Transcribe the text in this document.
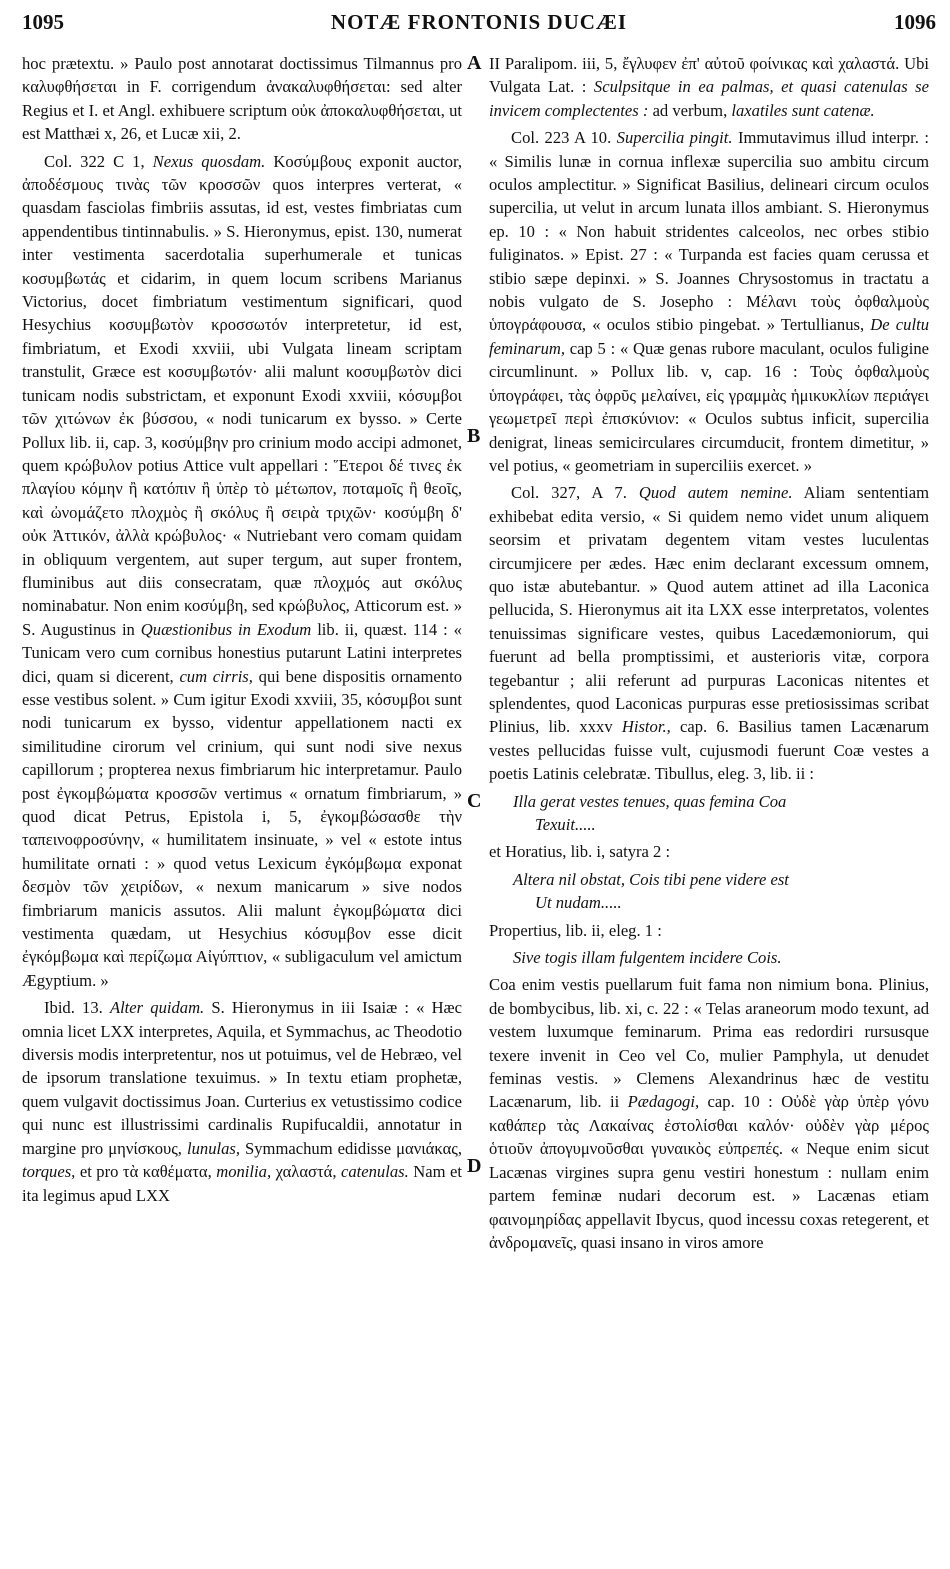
1095	NOTÆ FRONTONIS DUCÆI	1096
A
B
C
D

hoc prætextu. » Paulo post annotarat doctissimus Tilmannus pro καλυφθήσεται in F. corrigendum ἀνακαλυφθήσεται: sed alter Regius et I. et Angl. exhibuere scriptum οὐκ ἀποκαλυφθήσεται, ut est Matthæi x, 26, et Lucæ xii, 2.

Col. 322 C 1, Nexus quosdam. Κοσύμβους exponit auctor, ἀποδέσμους τινὰς τῶν κροσσῶν quos interpres verterat, « quasdam fasciolas fimbriis assutas, id est, vestes fimbriatas cum appendentibus tintinnabulis. » S. Hieronymus, epist. 130, numerat inter vestimenta sacerdotalia superhumerale et tunicas κοσυμβωτάς et cidarim, in quem locum scribens Marianus Victorius, docet fimbriatum vestimentum significari, quod Hesychius κοσυμβωτὸν κροσσωτόν interpretetur, id est, fimbriatum, et Exodi xxviii, ubi Vulgata lineam scriptam transtulit, Græce est κοσυμβωτόν· alii malunt κοσυμβωτὸν dici tunicam nodis substrictam, et exponunt Exodi xxviii, κόσυμβοι τῶν χιτώνων ἐκ βύσσου, « nodi tunicarum ex bysso. » Certe Pollux lib. ii, cap. 3, κοσύμβην pro crinium modo accipi admonet, quem κρώβυλον potius Attice vult appellari : Ἕτεροι δέ τινες ἐκ πλαγίου κόμην ἢ κατόπιν ἢ ὑπὲρ τὸ μέτωπον, ποταμοῖς ἢ θεοῖς, καὶ ὠνομάζετο πλοχμὸς ἢ σκόλυς ἢ σειρὰ τριχῶν· κοσύμβη δ' οὐκ Ἀττικόν, ἀλλὰ κρώβυλος· « Nutriebant vero comam quidam in obliquum vergentem, aut super tergum, aut super frontem, fluminibus aut diis consecratam, quæ πλοχμός aut σκόλυς nominabatur. Non enim κοσύμβη, sed κρώβυλος, Atticorum est. » S. Augustinus in Quæstionibus in Exodum lib. ii, quæst. 114 : « Tunicam vero cum cornibus honestius putarunt Latini interpretes dici, quam si dicerent, cum cirris, qui bene dispositis ornamento esse vestibus solent. » Cum igitur Exodi xxviii, 35, κόσυμβοι sunt nodi tunicarum ex bysso, videntur appellationem nacti ex similitudine cirorum vel crinium, qui sunt nodi sive nexus capillorum ; propterea nexus fimbriarum hic interpretamur. Paulo post ἐγκομβώματα κροσσῶν vertimus « ornatum fimbriarum, » quod dicat Petrus, Epistola i, 5, ἐγκομβώσασθε τὴν ταπεινοφροσύνην, « humilitatem insinuate, » vel « estote intus humilitate ornati : » quod vetus Lexicum ἐγκόμβωμα exponat δεσμὸν τῶν χειρίδων, « nexum manicarum » sive nodos fimbriarum manicis assutos. Alii malunt ἐγκομβώματα dici vestimenta quædam, ut Hesychius κόσυμβον esse dicit ἐγκόμβωμα καὶ περίζωμα Αἰγύπτιον, « subligaculum vel amictum Ægyptium. »

Ibid. 13. Alter quidam. S. Hieronymus in iii Isaiæ : « Hæc omnia licet LXX interpretes, Aquila, et Symmachus, ac Theodotio diversis modis interpretentur, nos ut potuimus, vel de Hebræo, vel de ipsorum translatione texuimus. » In textu etiam prophetæ, quem vulgavit doctissimus Joan. Curterius ex vetustissimo codice qui nunc est illustrissimi cardinalis Rupifucaldii, annotatur in margine pro μηνίσκους, lunulas, Symmachum edidisse μανιάκας, torques, et pro τὰ καθέματα, monilia, χαλαστά, catenulas. Nam et ita legimus apud LXX

II Paralipom. iii, 5, ἔγλυφεν ἐπ' αὐτοῦ φοίνικας καὶ χαλαστά. Ubi Vulgata Lat. : Sculpsitque in ea palmas, et quasi catenulas se invicem complectentes : ad verbum, laxatiles sunt catenæ.

Col. 223 A 10. Supercilia pingit. Immutavimus illud interpr. : « Similis lunæ in cornua inflexæ supercilia suo ambitu circum oculos amplectitur. » Significat Basilius, delineari circum oculos supercilia, ut velut in arcum lunata illos ambiant. S. Hieronymus ep. 10 : « Non habuit stridentes calceolos, nec orbes stibio fuliginatos. » Epist. 27 : « Turpanda est facies quam cerussa et stibio sæpe depinxi. » S. Joannes Chrysostomus in tractatu a nobis vulgato de S. Josepho : Μέλανι τοὺς ὀφθαλμοὺς ὑπογράφουσα, « oculos stibio pingebat. » Tertullianus, De cultu feminarum, cap 5 : « Quæ genas rubore maculant, oculos fuligine circumlinunt. » Pollux lib. v, cap. 16 : Τοὺς ὀφθαλμοὺς ὑπογράφει, τὰς ὀφρῦς μελαίνει, εἰς γραμμὰς ἡμικυκλίων περιάγει γεωμετρεῖ περὶ ἐπισκύνιον: « Oculos subtus inficit, supercilia denigrat, lineas semicirculares circumducit, frontem dimetitur, » vel potius, « geometriam in superciliis exercet. »

Col. 327, A 7. Quod autem nemine. Aliam sententiam exhibebat edita versio, « Si quidem nemo videt unum aliquem seorsim et privatam degentem vitam vestes luculentas circumjicere per ædes. Hæc enim declarant excessum omnem, quo istæ abutebantur. » Quod autem attinet ad illa Laconica pellucida, S. Hieronymus ait ita LXX esse interpretatos, volentes tenuissimas significare vestes, quibus Lacedæmoniorum, qui fuerunt ad bella promptissimi, et austerioris vitæ, corpora tegebantur ; alii referunt ad purpuras Laconicas nitentes et splendentes, quod Laconicas purpuras esse pretiosissimas scribat Plinius, lib. xxxv Histor., cap. 6. Basilius tamen Lacænarum vestes pellucidas fuisse vult, cujusmodi fuerunt Coæ vestes a poetis Latinis celebratæ. Tibullus, eleg. 3, lib. ii :

Illa gerat vestes tenues, quas femina Coa
Texuit.....

et Horatius, lib. i, satyra 2 :

Altera nil obstat, Cois tibi pene videre est
Ut nudam.....

Propertius, lib. ii, eleg. 1 :

Sive togis illam fulgentem incidere Cois.

Coa enim vestis puellarum fuit fama non nimium bona. Plinius, de bombycibus, lib. xi, c. 22 : « Telas araneorum modo texunt, ad vestem luxumque feminarum. Prima eas redordiri rursusque texere invenit in Ceo vel Co, mulier Pamphyla, ut denudet feminas vestis. » Clemens Alexandrinus hæc de vestitu Lacænarum, lib. ii Pædagogi, cap. 10 : Οὐδὲ γὰρ ὑπὲρ γόνυ καθάπερ τὰς Λακαίνας ἐστολίσθαι καλόν· οὐδὲν γὰρ μέρος ὁτιοῦν ἀπογυμνοῦσθαι γυναικὸς εὐπρεπές. « Neque enim sicut Lacænas virgines supra genu vestiri honestum : nullam enim partem feminæ nudari decorum est. » Lacænas etiam φαινομηρίδας appellavit Ibycus, quod incessu coxas retegerent, et ἀνδρομανεῖς, quasi insano in viros amore
